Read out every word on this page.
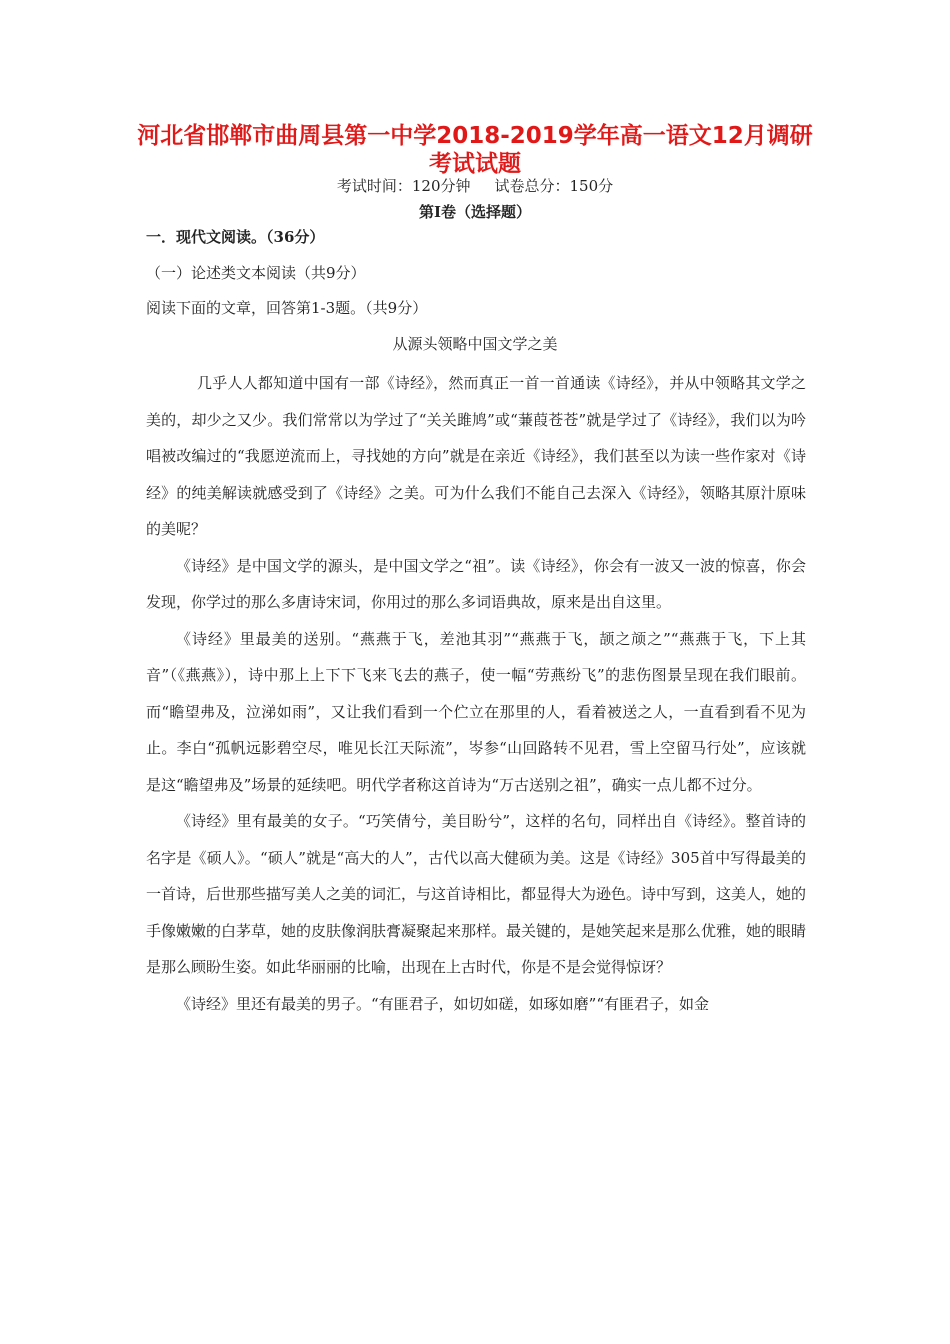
河北省邯郸市曲周县第一中学2018-2019学年高一语文12月调研考试试题
考试时间：120分钟 试卷总分：150分
第Ⅰ卷（选择题）
一．现代文阅读。（36分）
（一）论述类文本阅读（共9分）
阅读下面的文章，回答第1-3题。（共9分）
从源头领略中国文学之美

几乎人人都知道中国有一部《诗经》，然而真正一首一首通读《诗经》，并从中领略其文学之美的，却少之又少。我们常常以为学过了“关关雎鸠”或“蒹葭苍苍”就是学过了《诗经》，我们以为吟唱被改编过的“我愿逆流而上，寻找她的方向”就是在亲近《诗经》，我们甚至以为读一些作家对《诗经》的纯美解读就感受到了《诗经》之美。可为什么我们不能自己去深入《诗经》，领略其原汁原味的美呢？

《诗经》是中国文学的源头，是中国文学之“祖”。读《诗经》，你会有一波又一波的惊喜，你会发现，你学过的那么多唐诗宋词，你用过的那么多词语典故，原来是出自这里。

《诗经》里最美的送别。“燕燕于飞，差池其羽”“燕燕于飞，颉之颃之”“燕燕于飞，下上其音”（《燕燕》），诗中那上上下下飞来飞去的燕子，使一幅“劳燕纷飞”的悲伤图景呈现在我们眼前。而“瞻望弗及，泣涕如雨”，又让我们看到一个伫立在那里的人，看着被送之人，一直看到看不见为止。李白“孤帆远影碧空尽，唯见长江天际流”，岑参“山回路转不见君，雪上空留马行处”，应该就是这“瞻望弗及”场景的延续吧。明代学者称这首诗为“万古送别之祖”，确实一点儿都不过分。

《诗经》里有最美的女子。“巧笑倩兮，美目盼兮”，这样的名句，同样出自《诗经》。整首诗的名字是《硕人》。“硕人”就是“高大的人”，古代以高大健硕为美。这是《诗经》305首中写得最美的一首诗，后世那些描写美人之美的词汇，与这首诗相比，都显得大为逊色。诗中写到，这美人，她的手像嫩嫩的白茅草，她的皮肤像润肤膏凝聚起来那样。最关键的，是她笑起来是那么优雅，她的眼睛是那么顾盼生姿。如此华丽丽的比喻，出现在上古时代，你是不是会觉得惊讶？

《诗经》里还有最美的男子。“有匪君子，如切如磋，如琢如磨”“有匪君子，如金
